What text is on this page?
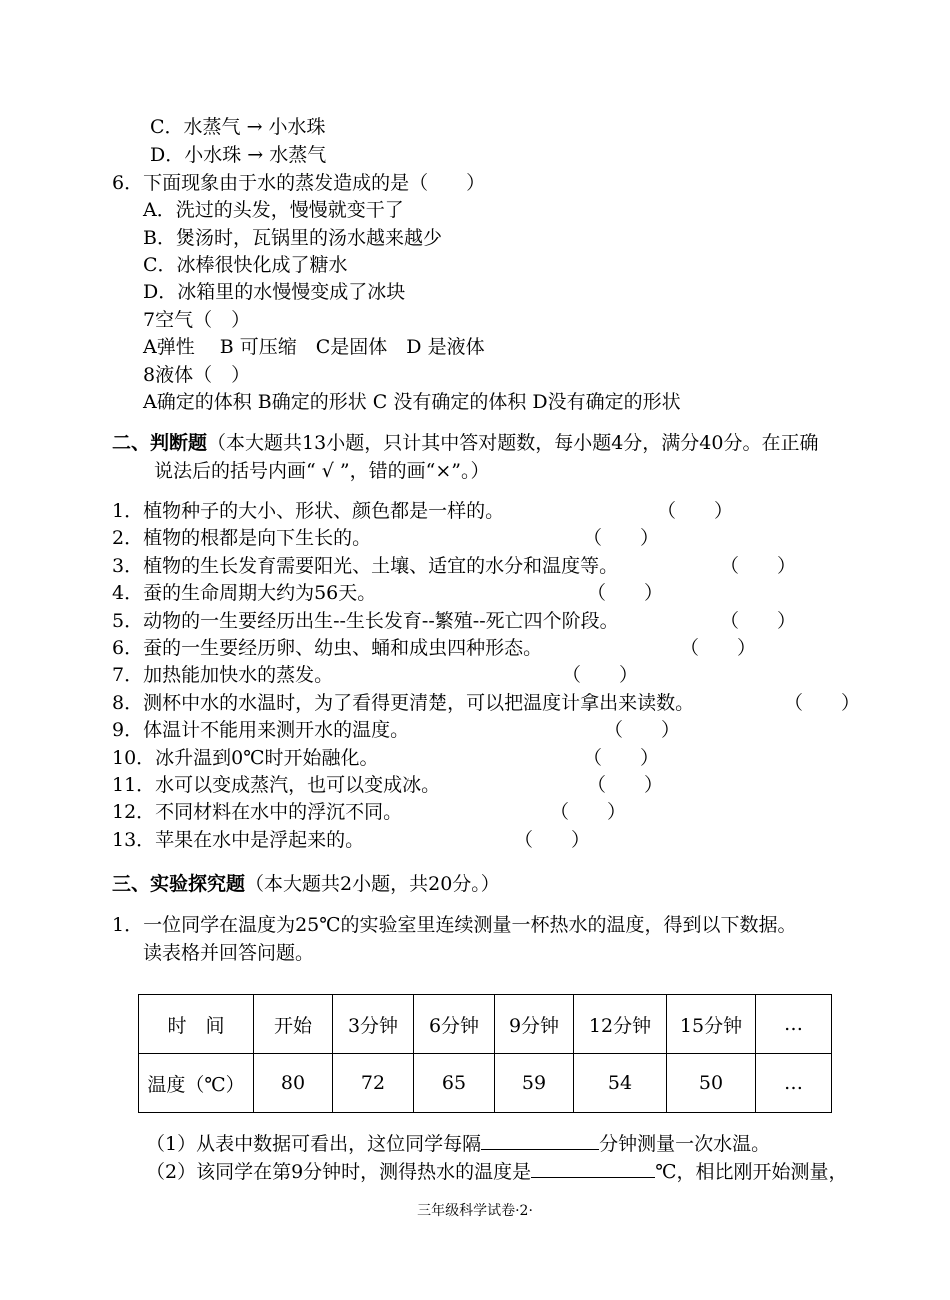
C．水蒸气 → 小水珠
D．小水珠 → 水蒸气
6．下面现象由于水的蒸发造成的是（　　）
A．洗过的头发，慢慢就变干了
B．煲汤时，瓦锅里的汤水越来越少
C．冰棒很快化成了糖水
D．冰箱里的水慢慢变成了冰块
7空气（　）
A弹性　 B 可压缩　C是固体　D 是液体
8液体（　）
A确定的体积 B确定的形状 C 没有确定的体积 D没有确定的形状
二、判断题（本大题共13小题，只计其中答对题数，每小题4分，满分40分。在正确
说法后的括号内画“ √ ”，错的画“×”。）
1．植物种子的大小、形状、颜色都是一样的。	（　　）
2．植物的根都是向下生长的。	（　　）
3．植物的生长发育需要阳光、土壤、适宜的水分和温度等。	（　　）
4．蚕的生命周期大约为56天。	（　　）
5．动物的一生要经历出生--生长发育--繁殖--死亡四个阶段。	（　　）
6．蚕的一生要经历卵、幼虫、蛹和成虫四种形态。	（　　）
7．加热能加快水的蒸发。	（　　）
8．测杯中水的水温时，为了看得更清楚，可以把温度计拿出来读数。	（　　）
9．体温计不能用来测开水的温度。	（　　）
10．冰升温到0℃时开始融化。	（　　）
11．水可以变成蒸汽，也可以变成冰。	（　　）
12．不同材料在水中的浮沉不同。	（　　）
13．苹果在水中是浮起来的。	（　　）
三、实验探究题（本大题共2小题，共20分。）
1．一位同学在温度为25℃的实验室里连续测量一杯热水的温度，得到以下数据。
读表格并回答问题。
时　间	开始	3分钟	6分钟	9分钟	12分钟	15分钟	…
温度（℃）	80	72	65	59	54	50	…
（1）从表中数据可看出，这位同学每隔	分钟测量一次水温。
（2）该同学在第9分钟时，测得热水的温度是	℃，相比刚开始测量，
三年级科学试卷·2·
